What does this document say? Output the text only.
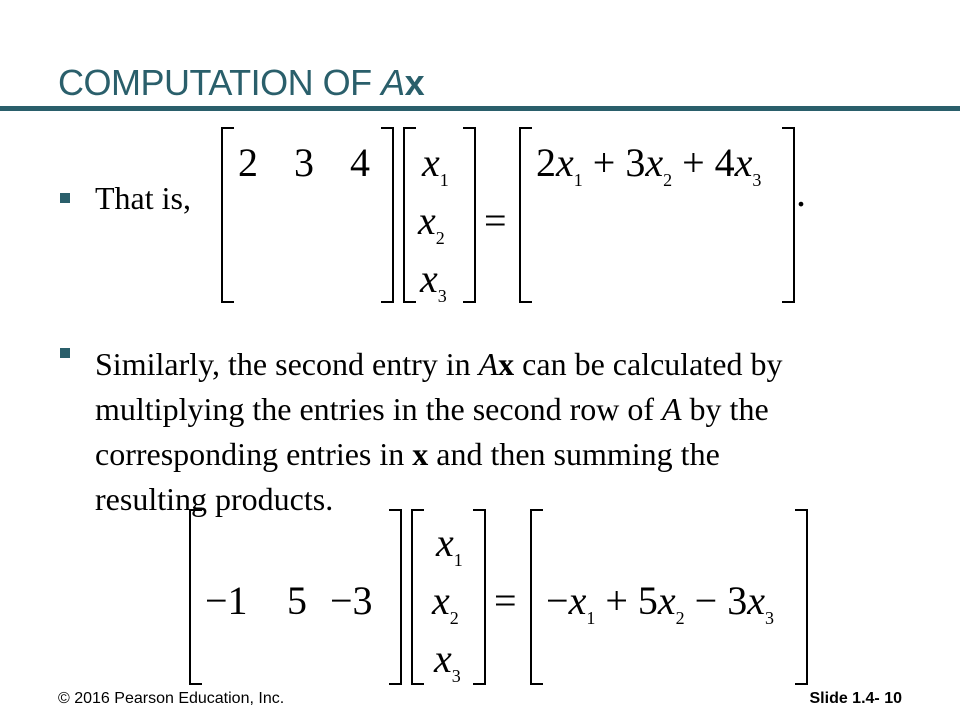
COMPUTATION OF Ax
That is,
Similarly, the second entry in Ax can be calculated by
multiplying the entries in the second row of A by the
corresponding entries in x and then summing the
resulting products.
2 3 4 $x_1$
$x_2$
$x_3$
=
$2x_1 + 3x_2 + 4x_3$ .
−1 5 −3
$x_1$
$x_2$
$x_3$
= $-x_1 + 5x_2 - 3x_3$
© 2016 Pearson Education, Inc.	Slide 1.4- 10
